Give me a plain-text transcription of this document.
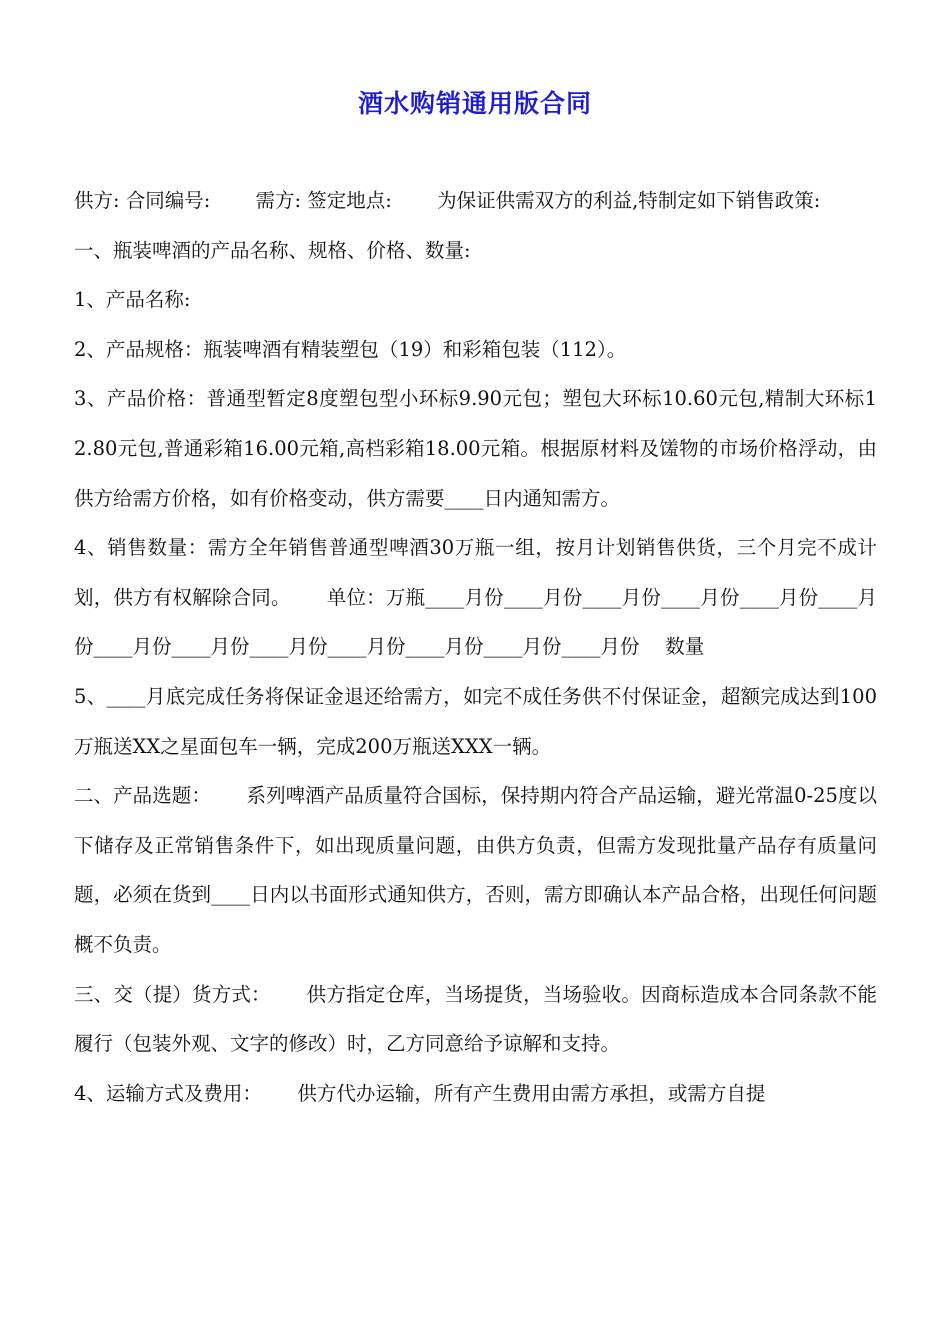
酒水购销通用版合同

供方: 合同编号:　　 需方: 签定地点:　　 为保证供需双方的利益,特制定如下销售政策:

一、瓶装啤酒的产品名称、规格、价格、数量:

1、产品名称:

2、产品规格：瓶装啤酒有精装塑包（19）和彩箱包装（112）。

3、产品价格：普通型暂定8度塑包型小环标9.90元包；塑包大环标10.60元包,精制大环标12.80元包,普通彩箱16.00元箱,高档彩箱18.00元箱。根据原材料及馐物的市场价格浮动，由供方给需方价格，如有价格变动，供方需要____日内通知需方。

4、销售数量：需方全年销售普通型啤酒30万瓶一组，按月计划销售供货，三个月完不成计划，供方有权解除合同。　　 单位：万瓶____月份____月份____月份____月份____月份____月份____月份____月份____月份____月份____月份____月份____月份　 数量

5、____月底完成任务将保证金退还给需方，如完不成任务供不付保证金，超额完成达到100万瓶送XX之星面包车一辆，完成200万瓶送XXX一辆。

二、产品选题：　　 系列啤酒产品质量符合国标，保持期内符合产品运输，避光常温0-25度以下储存及正常销售条件下，如出现质量问题，由供方负责，但需方发现批量产品存有质量问题，必须在货到____日内以书面形式通知供方，否则，需方即确认本产品合格，出现任何问题概不负责。

三、交（提）货方式：　　 供方指定仓库，当场提货，当场验收。因商标造成本合同条款不能履行（包装外观、文字的修改）时，乙方同意给予谅解和支持。

4、运输方式及费用：　　 供方代办运输，所有产生费用由需方承担，或需方自提
